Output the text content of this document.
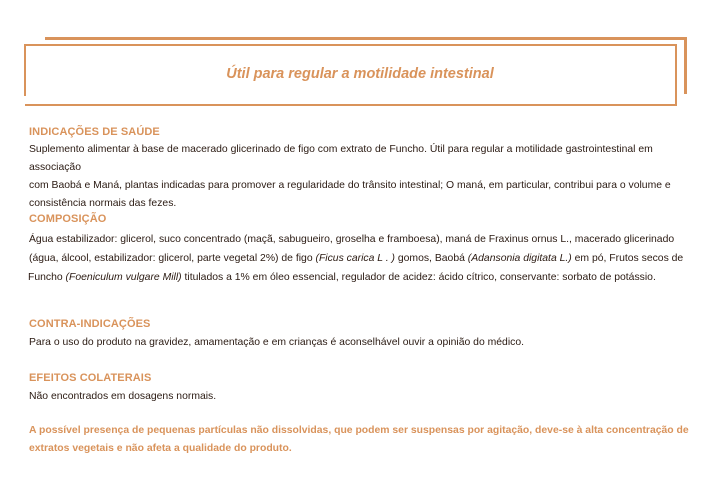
Útil para regular a motilidade intestinal
INDICAÇÕES DE SAÚDE
Suplemento alimentar à base de macerado glicerinado de figo com extrato de Funcho. Útil para regular a motilidade gastrointestinal em associação
com Baobá e Maná, plantas indicadas para promover a regularidade do trânsito intestinal; O maná, em particular, contribui para o volume e
consistência normais das fezes.
COMPOSIÇÃO
Água estabilizador: glicerol, suco concentrado (maçã, sabugueiro, groselha e framboesa), maná de Fraxinus ornus L., macerado glicerinado
(água, álcool, estabilizador: glicerol, parte vegetal 2%) de figo (Ficus carica L . ) gomos, Baobá (Adansonia digitata L.) em pó, Frutos secos de
Funcho (Foeniculum vulgare Mill) titulados a 1% em óleo essencial, regulador de acidez: ácido cítrico, conservante: sorbato de potássio.
CONTRA-INDICAÇÕES
Para o uso do produto na gravidez, amamentação e em crianças é aconselhável ouvir a opinião do médico.
EFEITOS COLATERAIS
Não encontrados em dosagens normais.
A possível presença de pequenas partículas não dissolvidas, que podem ser suspensas por agitação, deve-se à alta concentração de
extratos vegetais e não afeta a qualidade do produto.
